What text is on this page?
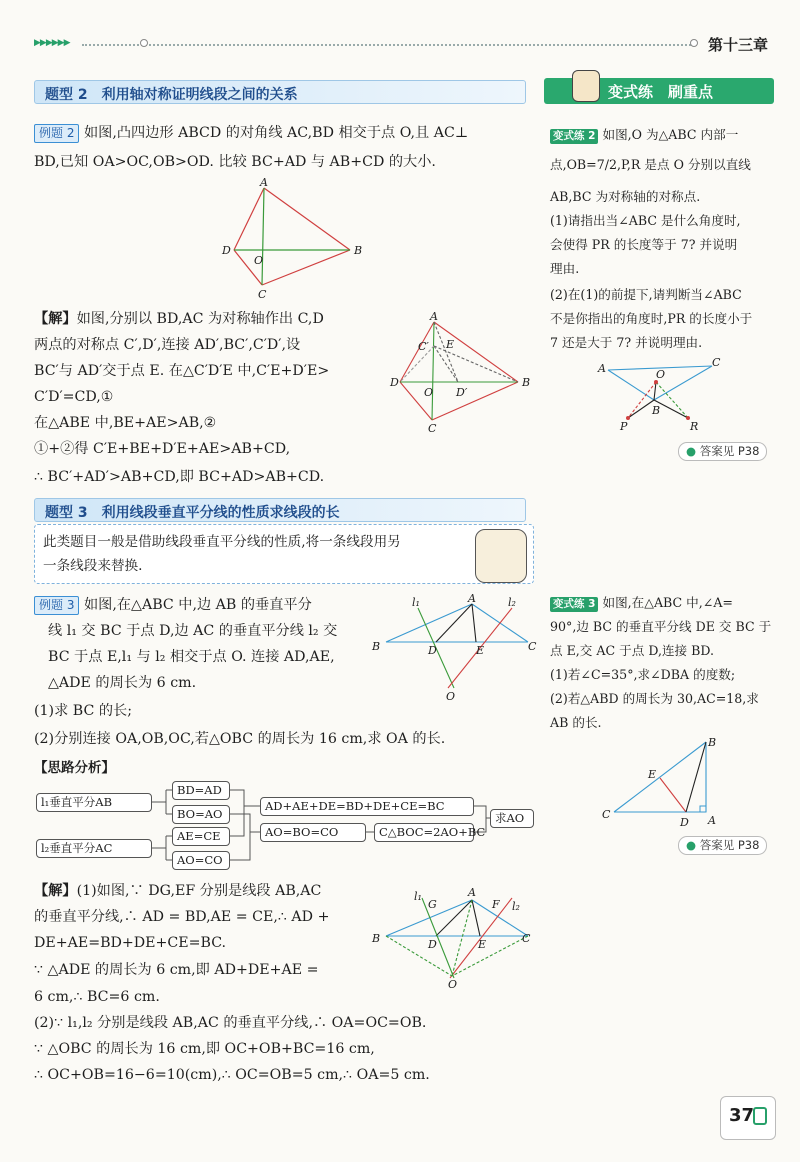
▶▶▶▶▶▶	第十三章
题型 2　利用轴对称证明线段之间的关系	变式练　刷重点
例题 2 如图,凸四边形 ABCD 的对角线 AC,BD 相交于点 O,且 AC⊥
BD,已知 OA>OC,OB>OD. 比较 BC+AD 与 AB+CD 的大小.
A
B
C
D
O
【解】如图,分别以 BD,AC 为对称轴作出 C,D
两点的对称点 C′,D′,连接 AD′,BC′,C′D′,设
BC′与 AD′交于点 E. 在△C′D′E 中,C′E+D′E>
C′D′=CD,①
在△ABE 中,BE+AE>AB,②
①+②得 C′E+BE+D′E+AE>AB+CD,
∴ BC′+AD′>AB+CD,即 BC+AD>AB+CD.
A
B
C
D
O
C′
D′
E
题型 3　利用线段垂直平分线的性质求线段的长
此类题目一般是借助线段垂直平分线的性质,将一条线段用另
一条线段来替换.
例题 3 如图,在△ABC 中,边 AB 的垂直平分
线 l₁ 交 BC 于点 D,边 AC 的垂直平分线 l₂ 交
BC 于点 E,l₁ 与 l₂ 相交于点 O. 连接 AD,AE,
△ADE 的周长为 6 cm.
(1)求 BC 的长;
(2)分别连接 OA,OB,OC,若△OBC 的周长为 16 cm,求 OA 的长.
A
B	C
D	E
O
l₁	l₂
【思路分析】
l₁垂直平分AB
l₂垂直平分AC
BD=AD
BO=AO
AE=CE
AO=CO
AD+AE+DE=BD+DE+CE=BC
AO=BO=CO	C△BOC=2AO+BC
求AO
【解】(1)如图,∵ DG,EF 分别是线段 AB,AC
的垂直平分线,∴ AD = BD,AE = CE,∴ AD +
DE+AE=BD+DE+CE=BC.
∵ △ADE 的周长为 6 cm,即 AD+DE+AE =
6 cm,∴ BC=6 cm.
(2)∵ l₁,l₂ 分别是线段 AB,AC 的垂直平分线,∴ OA=OC=OB.
∵ △OBC 的周长为 16 cm,即 OC+OB+BC=16 cm,
∴ OC+OB=16−6=10(cm),∴ OC=OB=5 cm,∴ OA=5 cm.
A
B	C
D	E
O
G	F
l₁
l₂
变式练 2 如图,O 为△ABC 内部一
点,OB=7/2,P,R 是点 O 分别以直线
AB,BC 为对称轴的对称点.
(1)请指出当∠ABC 是什么角度时,
会使得 PR 的长度等于 7? 并说明
理由.
(2)在(1)的前提下,请判断当∠ABC
不是你指出的角度时,PR 的长度小于
7 还是大于 7? 并说明理由.
A	C
O
B
P	R
● 答案见 P38
变式练 3 如图,在△ABC 中,∠A=
90°,边 BC 的垂直平分线 DE 交 BC 于
点 E,交 AC 于点 D,连接 BD.
(1)若∠C=35°,求∠DBA 的度数;
(2)若△ABD 的周长为 30,AC=18,求
AB 的长.
C
B
A
D
E
● 答案见 P38
37
